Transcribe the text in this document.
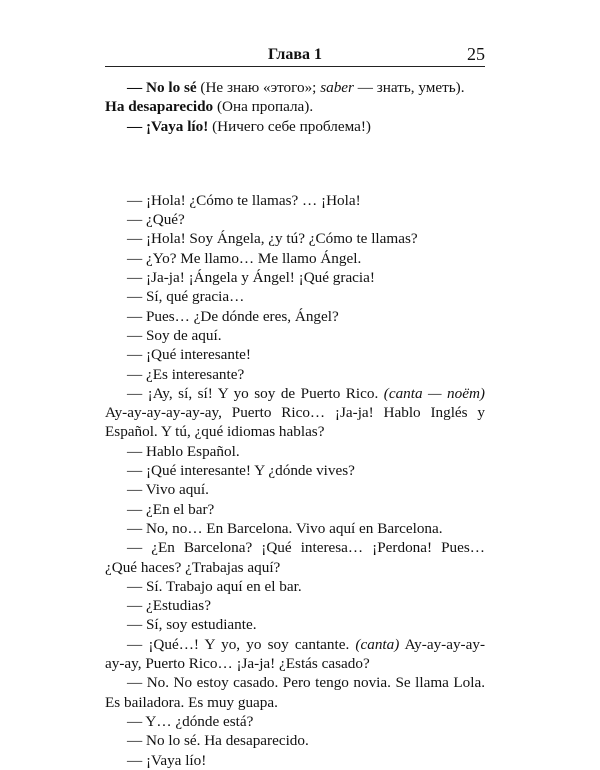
Глава 1	25

— No lo sé (Не знаю «этого»; saber — знать, уметь).

На desaparecido (Она пропала).

— ¡Vaya lío! (Ничего себе проблема!)

— ¡Hola! ¿Cómo te llamas? … ¡Hola!

— ¿Qué?

— ¡Hola! Soy Ángela, ¿y tú? ¿Cómo te llamas?

— ¿Yo? Me llamo… Me llamo Ángel.

— ¡Ja-ja! ¡Ángela y Ángel! ¡Qué gracia!

— Sí, qué gracia…

— Pues… ¿De dónde eres, Ángel?

— Soy de aquí.

— ¡Qué interesante!

— ¿Es interesante?

— ¡Ay, sí, sí! Y yo soy de Puerto Rico. (canta — поёт) Ay-ay-ay-ay-ay-ay, Puerto Rico… ¡Ja-ja! Hablo Inglés y Español. Y tú, ¿qué idiomas hablas?

— Hablo Español.

— ¡Qué interesante! Y ¿dónde vives?

— Vivo aquí.

— ¿En el bar?

— No, no… En Barcelona. Vivo aquí en Barcelona.

— ¿En Barcelona? ¡Qué interesa… ¡Perdona! Pues… ¿Qué haces? ¿Trabajas aquí?

— Sí. Trabajo aquí en el bar.

— ¿Estudias?

— Sí, soy estudiante.

— ¡Qué…! Y yo, yo soy cantante. (canta) Ay-ay-ay-ay-ay-ay, Puerto Rico… ¡Ja-ja! ¿Estás casado?

— No. No estoy casado. Pero tengo novia. Se llama Lola. Es bailadora. Es muy guapa.

— Y… ¿dónde está?

— No lo sé. Ha desaparecido.

— ¡Vaya lío!
